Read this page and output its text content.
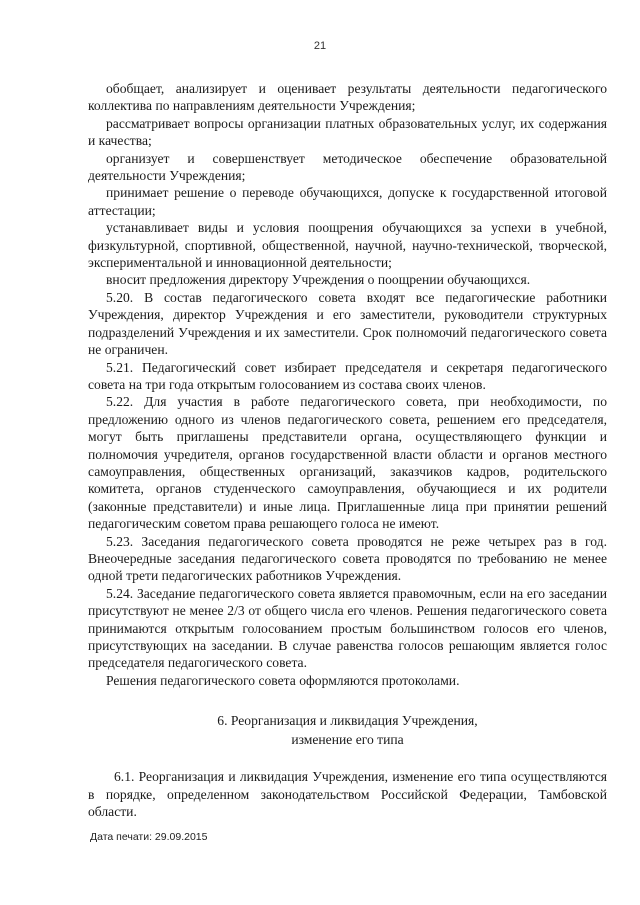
21

обобщает, анализирует и оценивает результаты деятельности педагогического коллектива по направлениям деятельности Учреждения;

рассматривает вопросы организации платных образовательных услуг, их содержания и качества;

организует и совершенствует методическое обеспечение образовательной деятельности Учреждения;

принимает решение о переводе обучающихся, допуске к государственной итоговой аттестации;

устанавливает виды и условия поощрения обучающихся за успехи в учебной, физкультурной, спортивной, общественной, научной, научно-технической, творческой, экспериментальной и инновационной деятельности;

вносит предложения директору Учреждения о поощрении обучающихся.

5.20. В состав педагогического совета входят все педагогические работники Учреждения, директор Учреждения и его заместители, руководители структурных подразделений Учреждения и их заместители. Срок полномочий педагогического совета не ограничен.

5.21. Педагогический совет избирает председателя и секретаря педагогического совета на три года открытым голосованием из состава своих членов.

5.22. Для участия в работе педагогического совета, при необходимости, по предложению одного из членов педагогического совета, решением его председателя, могут быть приглашены представители органа, осуществляющего функции и полномочия учредителя, органов государственной власти области и органов местного самоуправления, общественных организаций, заказчиков кадров, родительского комитета, органов студенческого самоуправления, обучающиеся и их родители (законные представители) и иные лица. Приглашенные лица при принятии решений педагогическим советом права решающего голоса не имеют.

5.23. Заседания педагогического совета проводятся не реже четырех раз в год. Внеочередные заседания педагогического совета проводятся по требованию не менее одной трети педагогических работников Учреждения.

5.24. Заседание педагогического совета является правомочным, если на его заседании присутствуют не менее 2/3 от общего числа его членов. Решения педагогического совета принимаются открытым голосованием простым большинством голосов его членов, присутствующих на заседании. В случае равенства голосов решающим является голос председателя педагогического совета.

Решения педагогического совета оформляются протоколами.

6. Реорганизация и ликвидация Учреждения,

изменение его типа

6.1. Реорганизация и ликвидация Учреждения, изменение его типа осуществляются в порядке, определенном законодательством Российской Федерации, Тамбовской области.

Дата печати: 29.09.2015
